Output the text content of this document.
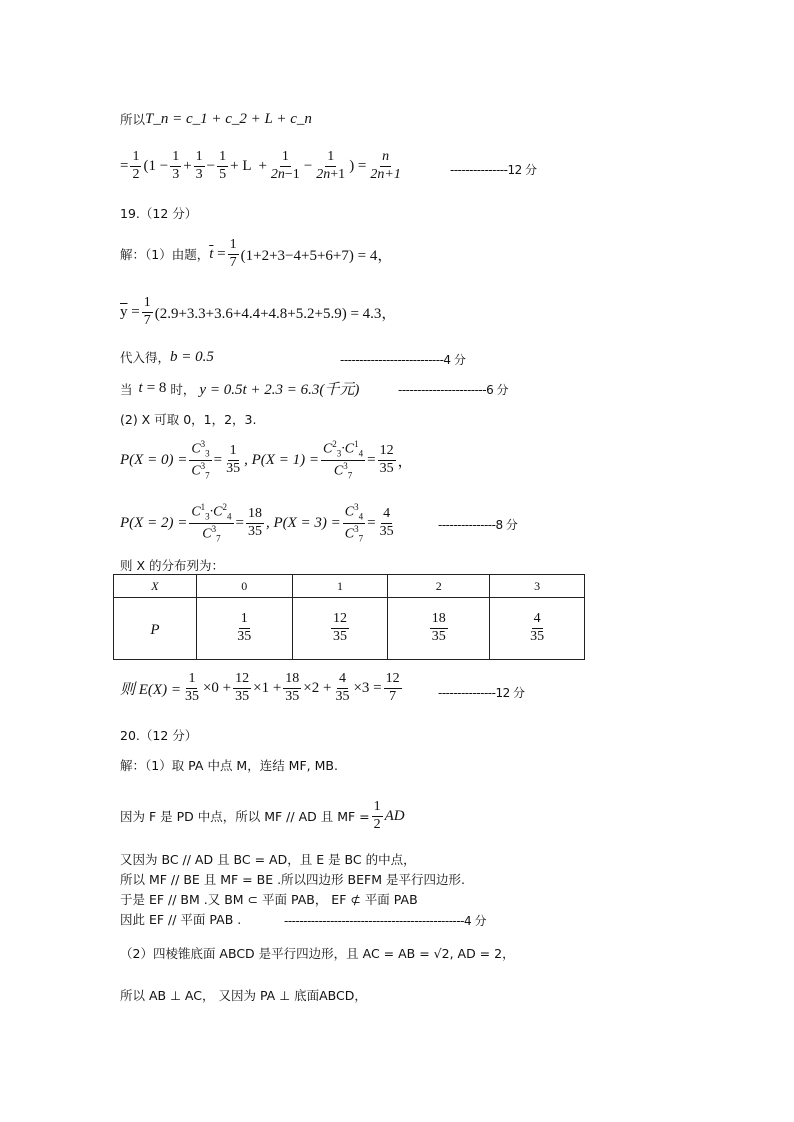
所以 T_n = c_1 + c_2 + L + c_n
= $\frac{1}{2} (1 - \frac{1}{3} + \frac{1}{3} - \frac{1}{5} + L + \frac{1}{2n-1} - \frac{1}{2n+1}$ ) = $\frac{n}{2n+1}$	---------------12 分
19.（12 分）
解：（1）由题， $\overline{t} = \frac{1}{7} (1+2+3-4+5+6+7) = 4$，
$\overline{y} = \frac{1}{7} (2.9+3.3+3.6+4.4+4.8+5.2+5.9) = 4.3$，
代入得， b = 0.5	---------------------------4 分
当 t = 8 时， y = 0.5t + 2.3 = 6.3(千元)	-----------------------6 分
(2) X 可取 0，1，2，3.
$P(X = 0) = \frac{C^3_3}{C^3_7} = \frac{1}{35}$ , $P(X = 1) = \frac{C^2_3\cdot C^1_4}{C^3_7} = \frac{12}{35}$ ，
$P(X = 2) = \frac{C^1_3\cdot C^2_4}{C^3_7} = \frac{18}{35}$ , $P(X = 3) = \frac{C^3_4}{C^3_7} = \frac{4}{35}$	---------------8 分
则 X 的分布列为：
X	0	1	2	3
P	$\frac{1}{35}$	$\frac{12}{35}$	$\frac{18}{35}$	$\frac{4}{35}$
则 $E(X) = \frac{1}{35} \times 0 + \frac{12}{35} \times 1 + \frac{18}{35} \times 2 + \frac{4}{35} \times 3 = \frac{12}{7}$	---------------12 分
20.（12 分）
解：（1）取 PA 中点 M，连结 MF, MB.
因为 F 是 PD 中点，所以 MF // AD 且 MF = $\frac{1}{2}$ AD
又因为 BC // AD 且 BC = AD，且 E 是 BC 的中点，
所以 MF // BE 且 MF = BE .所以四边形 BEFM 是平行四边形.
于是 EF // BM .又 BM ⊂ 平面 PAB， EF ⊄ 平面 PAB
因此 EF // 平面 PAB .	-----------------------------------------------4 分
（2）四棱锥底面 ABCD 是平行四边形，且 AC = AB = √2, AD = 2，
所以 AB ⊥ AC， 又因为 PA ⊥ 底面ABCD，
